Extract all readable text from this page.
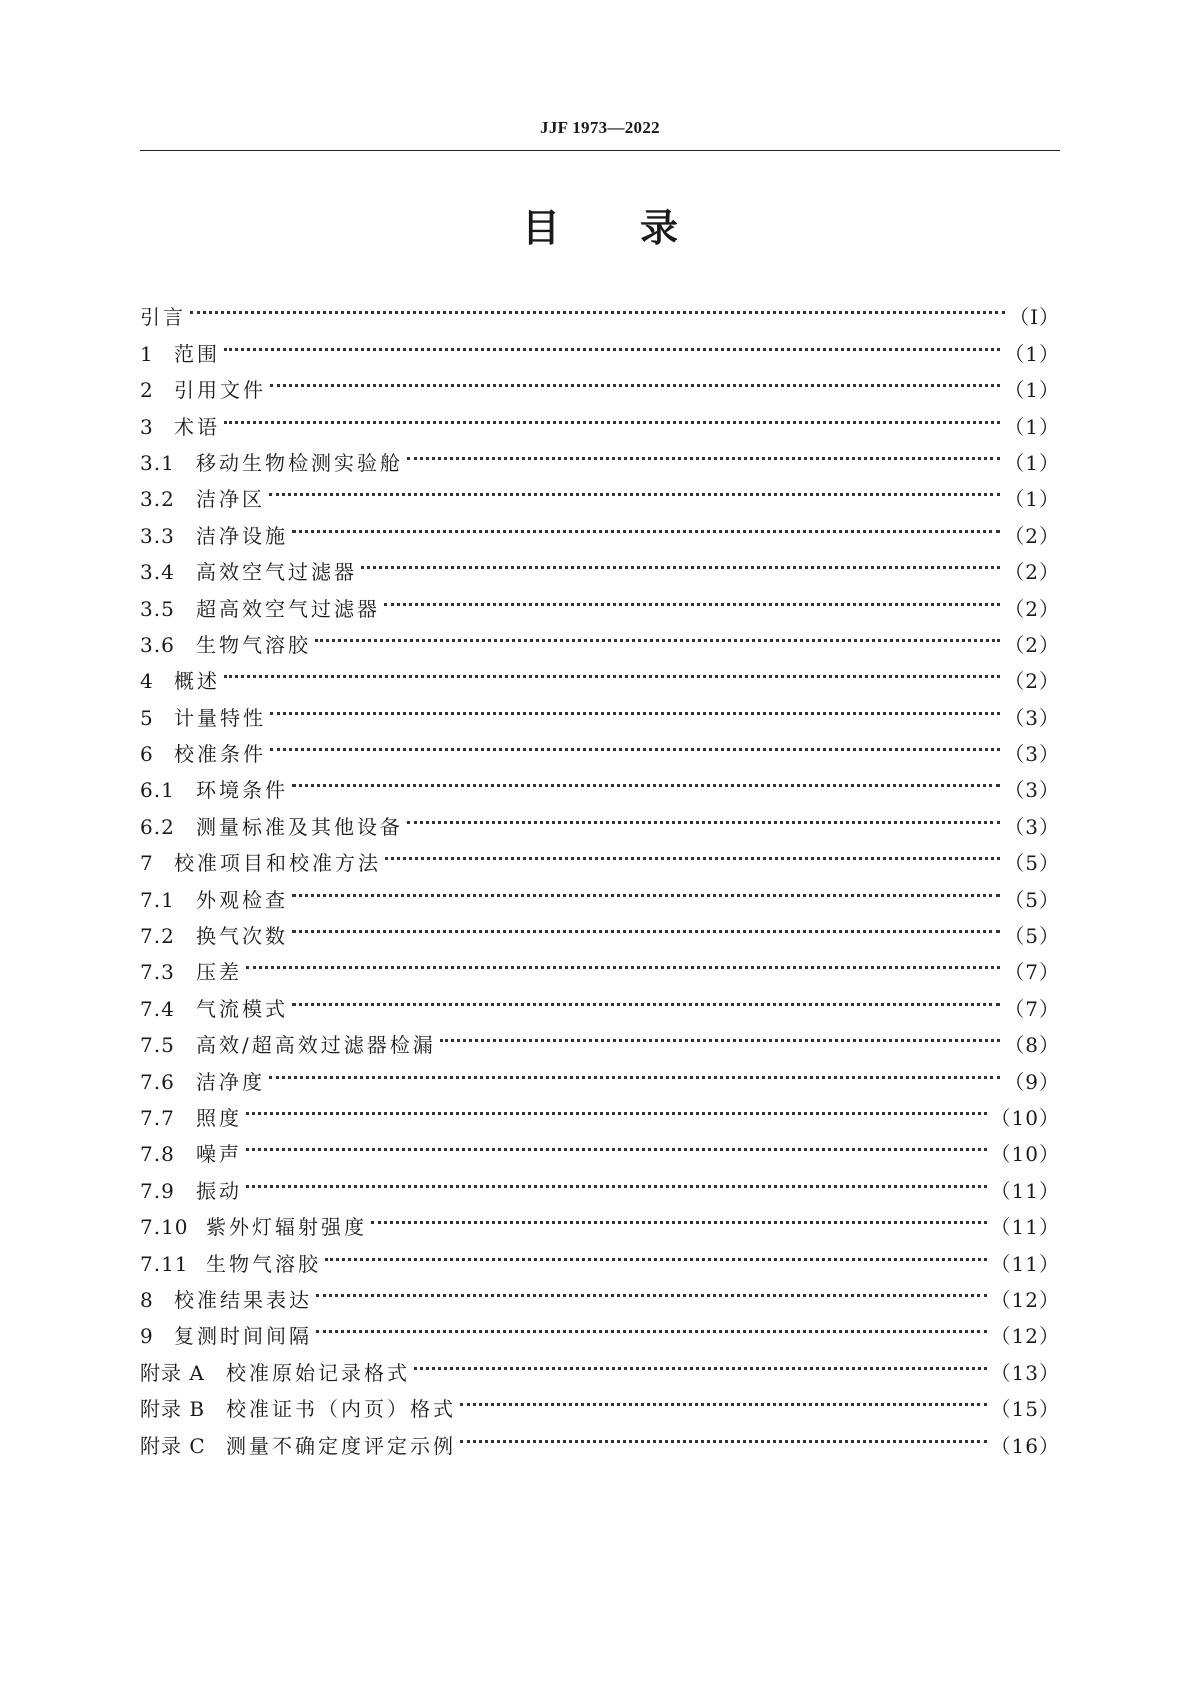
JJF 1973—2022
目 录
引言	（Ⅰ）
1	范围	（1）
2	引用文件	（1）
3	术语	（1）
3.1	移动生物检测实验舱	（1）
3.2	洁净区	（1）
3.3	洁净设施	（2）
3.4	高效空气过滤器	（2）
3.5	超高效空气过滤器	（2）
3.6	生物气溶胶	（2）
4	概述	（2）
5	计量特性	（3）
6	校准条件	（3）
6.1	环境条件	（3）
6.2	测量标准及其他设备	（3）
7	校准项目和校准方法	（5）
7.1	外观检查	（5）
7.2	换气次数	（5）
7.3	压差	（7）
7.4	气流模式	（7）
7.5	高效/超高效过滤器检漏	（8）
7.6	洁净度	（9）
7.7	照度	（10）
7.8	噪声	（10）
7.9	振动	（11）
7.10 紫外灯辐射强度	（11）
7.11 生物气溶胶	（11）
8	校准结果表达	（12）
9	复测时间间隔	（12）
附录 A	校准原始记录格式	（13）
附录 B	校准证书（内页）格式	（15）
附录 C	测量不确定度评定示例	（16）
